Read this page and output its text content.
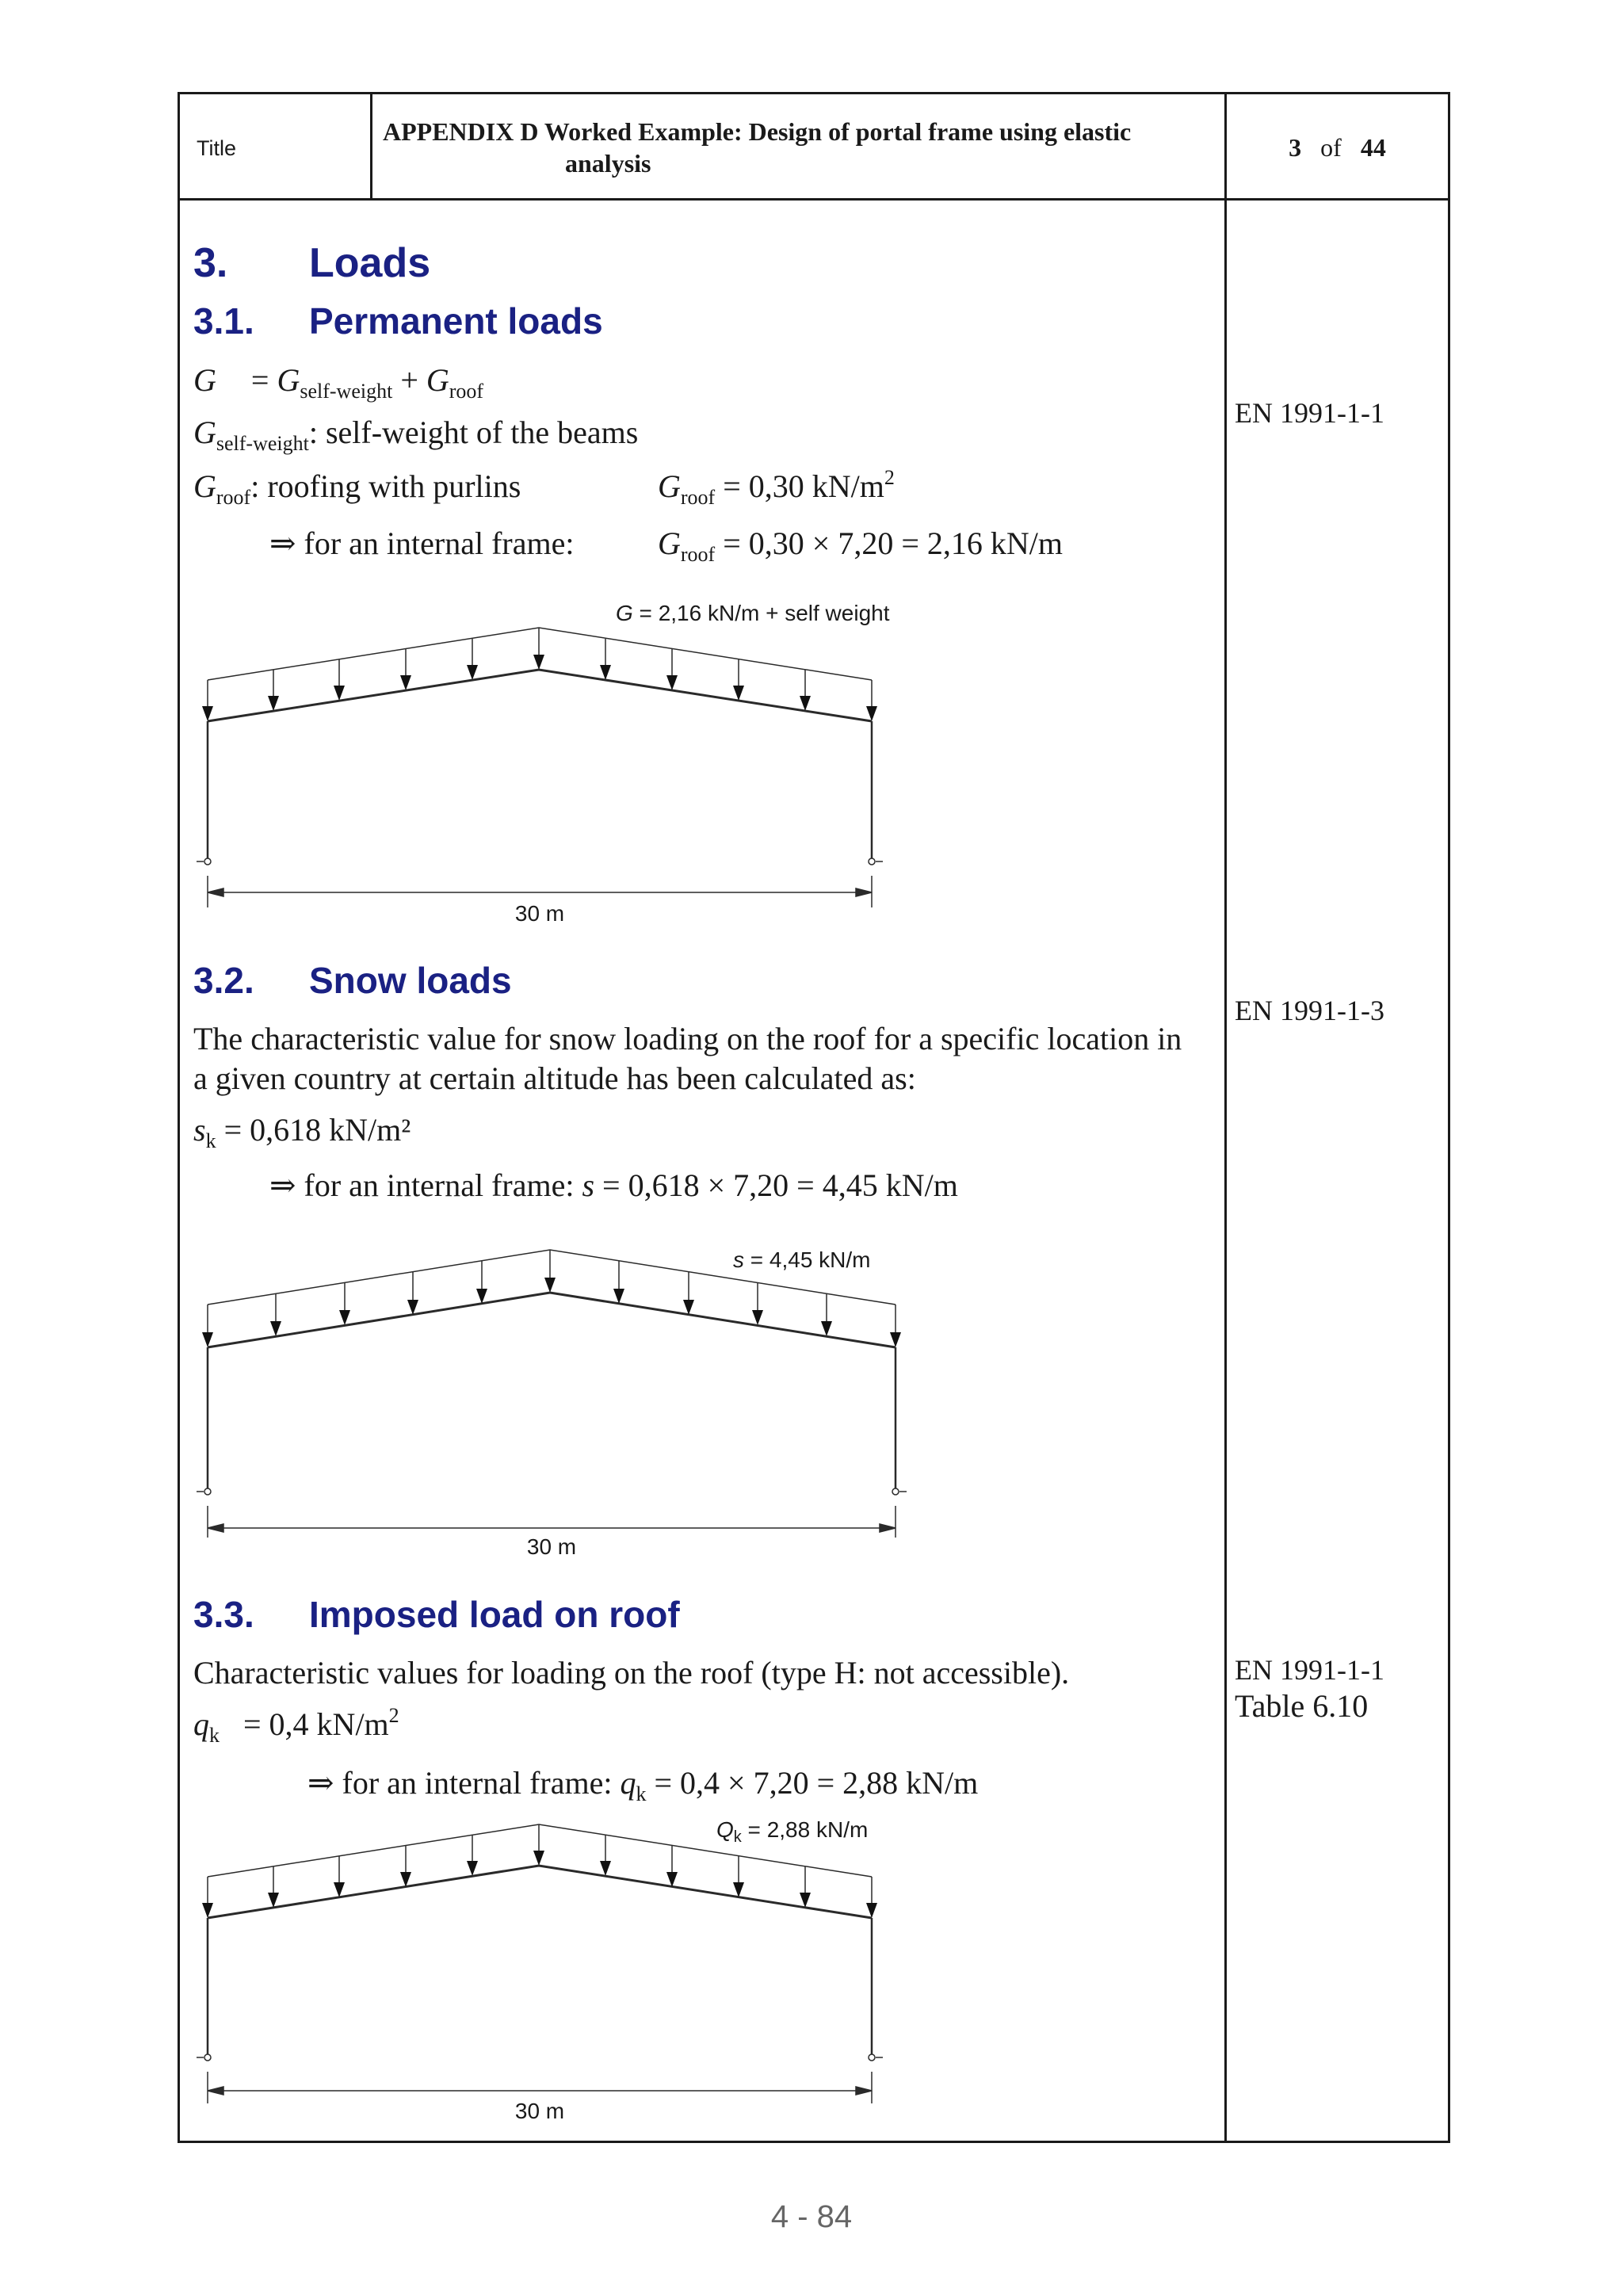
Title
APPENDIX D Worked Example: Design of portal frame using elastic
analysis
3 of 44
3. Loads
3.1. Permanent loads
$G = G_{self-weight} + G_{roof}$
$G_{self-weight}$: self-weight of the beams
$G_{roof}$: roofing with purlins	$G_{roof} = 0,30$ $kN/m^2$
⇒ for an internal frame:	$G_{roof} = 0,30 \times 7,20 = 2,16$ kN/m
EN 1991-1-1
G = 2,16 kN/m + self weight
30 m
3.2. Snow loads
EN 1991-1-3
The characteristic value for snow loading on the roof for a specific location in
a given country at certain altitude has been calculated as:
$s_k = 0,618$ kN/m²
⇒ for an internal frame: s = 0,618 × 7,20 = 4,45 kN/m
s = 4,45 kN/m
30 m
3.3. Imposed load on roof
EN 1991-1-1
Table 6.10
Characteristic values for loading on the roof (type H: not accessible).
$q_k = 0,4$ $kN/m^2$
⇒ for an internal frame: $q_k = 0,4 \times 7,20 = 2,88$ kN/m
$Q_k = 2,88$ kN/m
30 m
4 - 84
